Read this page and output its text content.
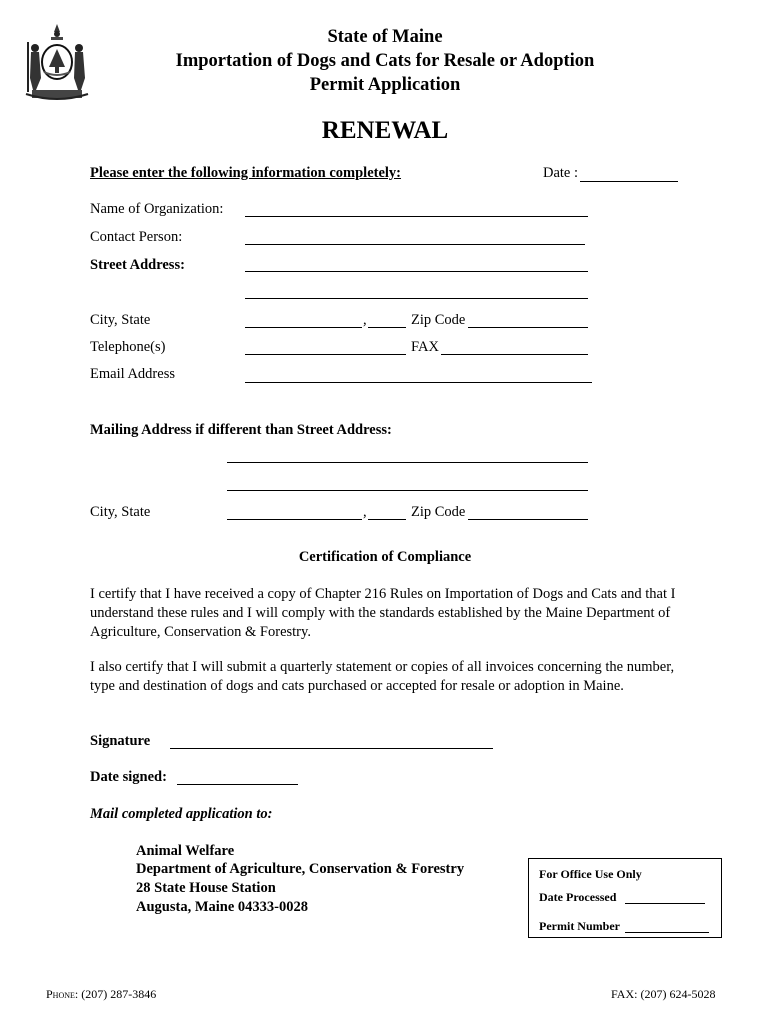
State of Maine
Importation of Dogs and Cats for Resale or Adoption
Permit Application
RENEWAL
Please enter the following information completely:	Date :
Name of Organization:
Contact Person:
Street Address:
City, State	,	Zip Code
Telephone(s)	FAX
Email Address
Mailing Address if different than Street Address:
City, State	,	Zip Code
Certification of Compliance
I certify that I have received a copy of Chapter 216 Rules on Importation of Dogs and Cats and that I understand these rules and I will comply with the standards established by the Maine Department of Agriculture, Conservation & Forestry.
I also certify that I will submit a quarterly statement or copies of all invoices concerning the number, type and destination of dogs and cats purchased or accepted for resale or adoption in Maine.
Signature
Date signed:
Mail completed application to:
Animal Welfare
Department of Agriculture, Conservation & Forestry
28 State House Station
Augusta, Maine 04333-0028
For Office Use Only
Date Processed
Permit Number
Phone: (207) 287-3846	FAX: (207) 624-5028
